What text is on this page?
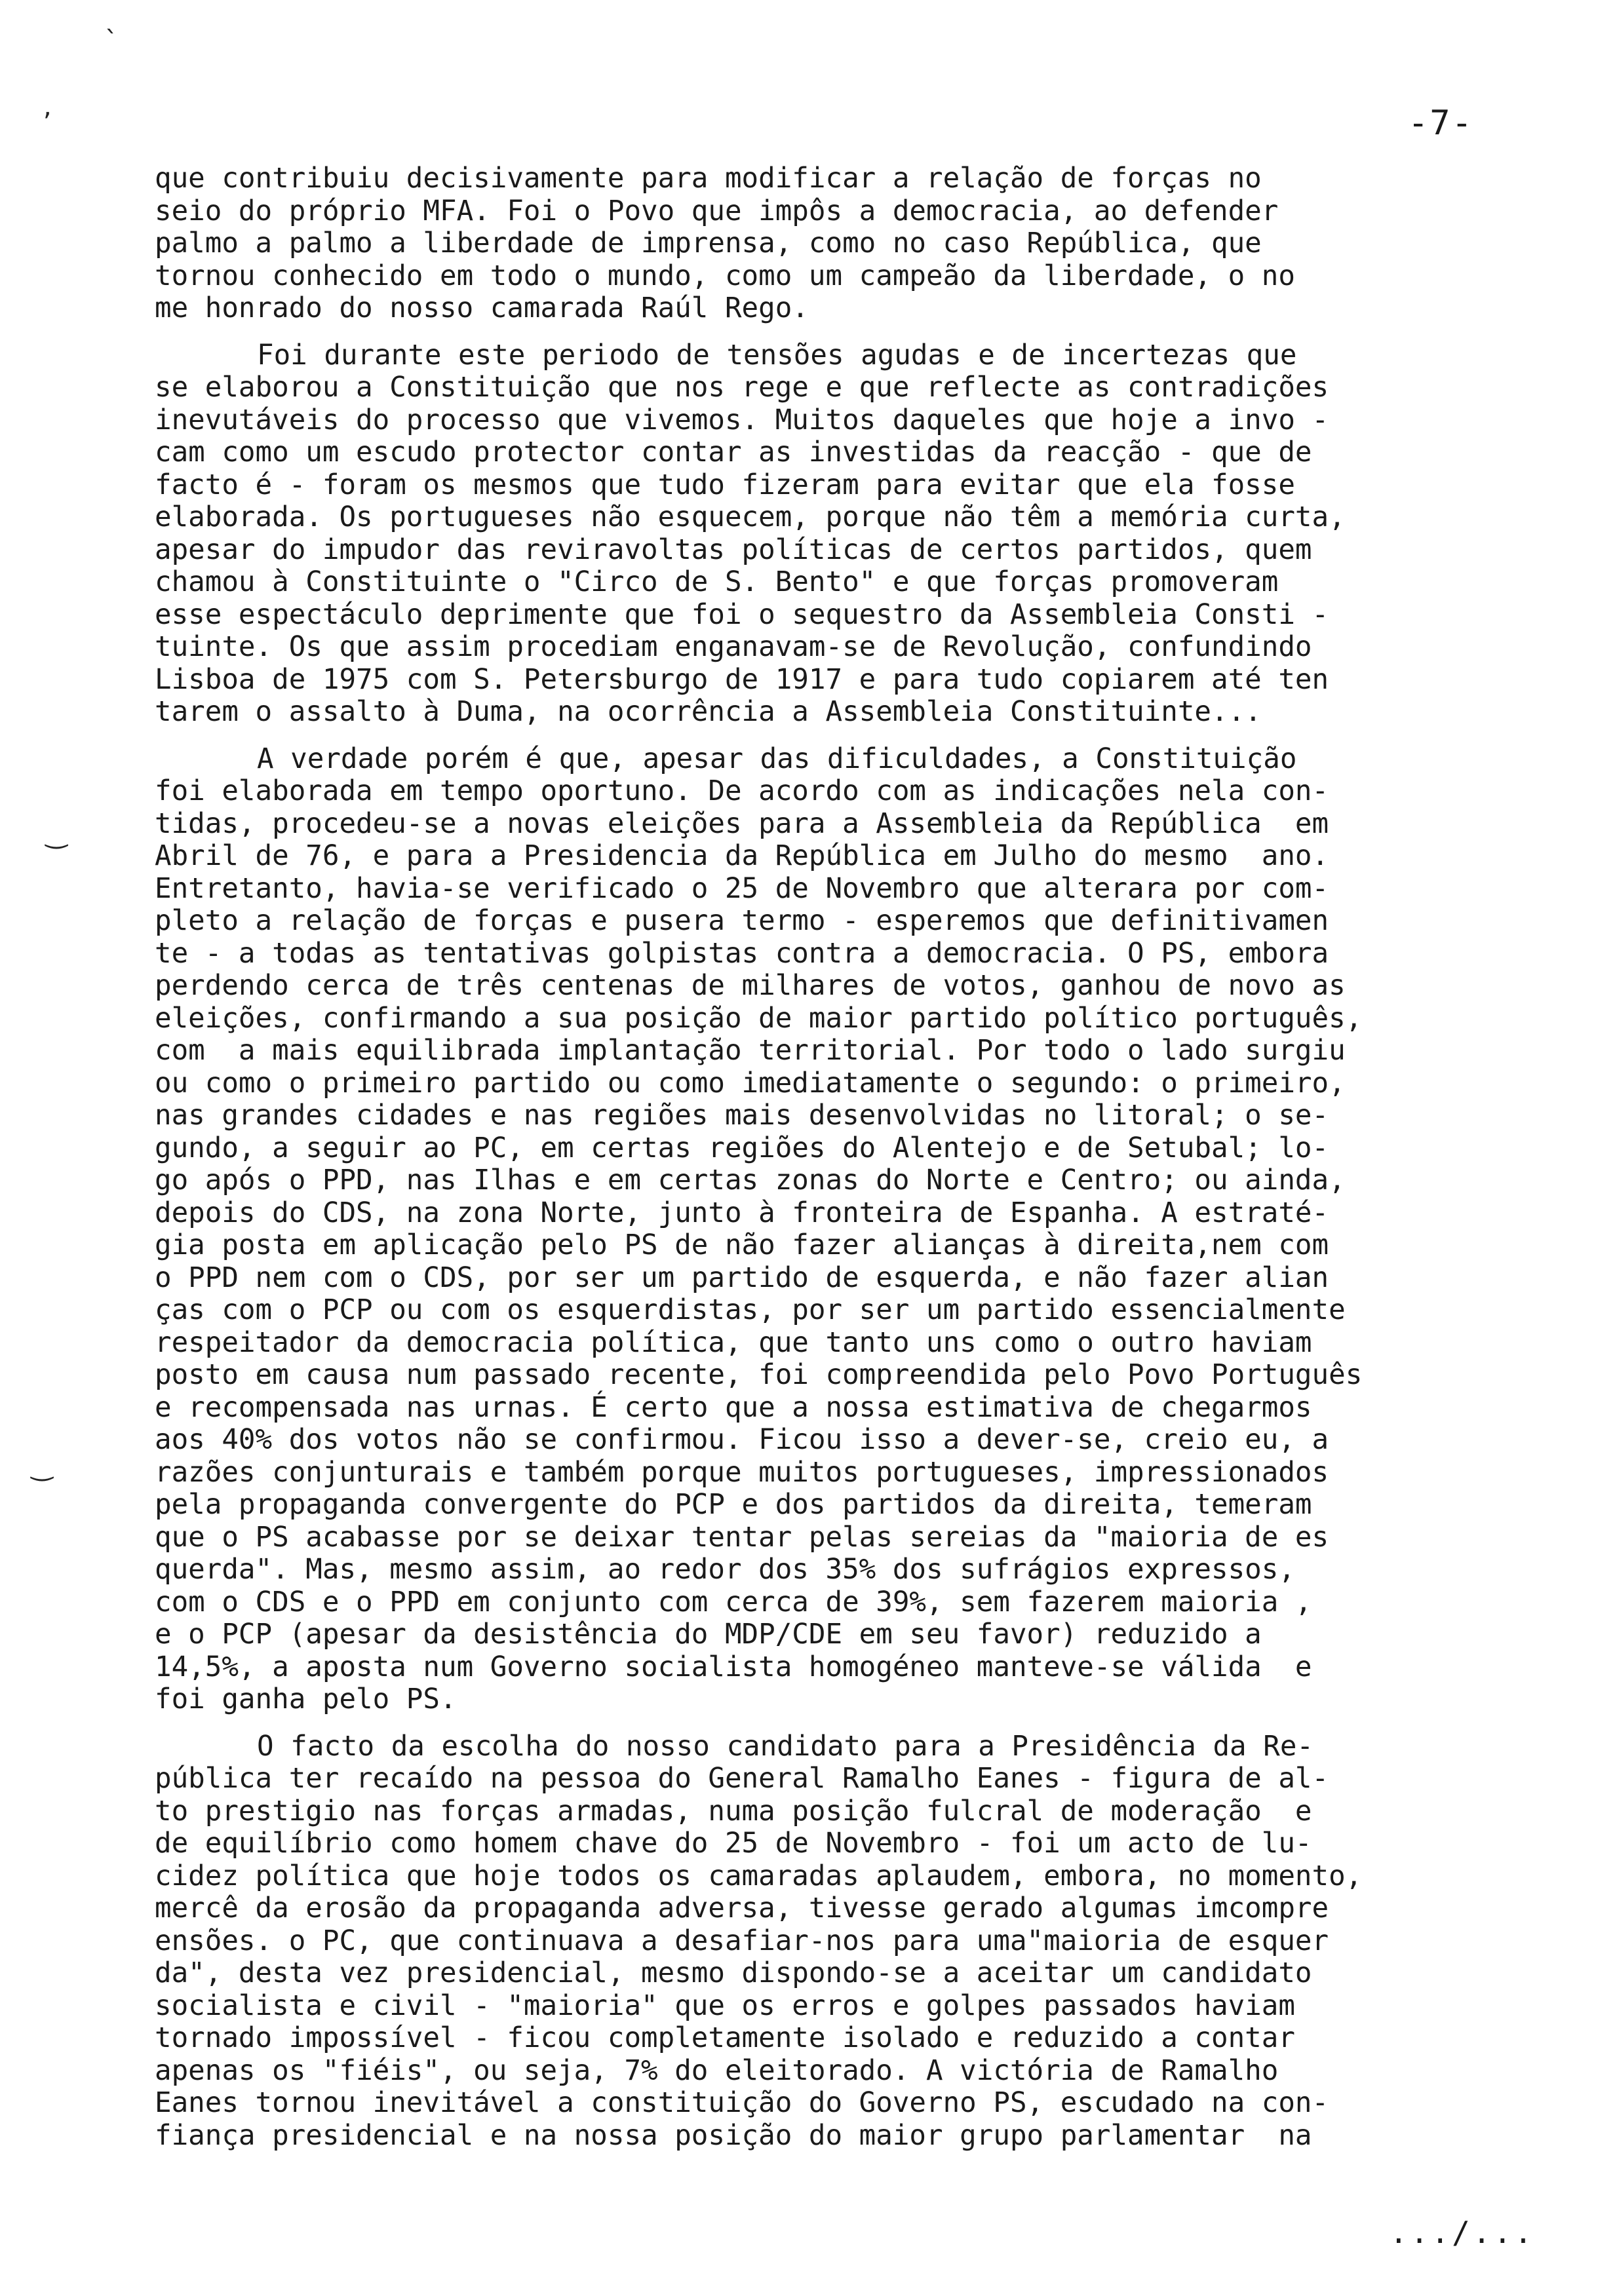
-7-
`
,
‿
‿
que contribuiu decisivamente para modificar a relação de forças no
seio do próprio MFA. Foi o Povo que impôs a democracia, ao defender
palmo a palmo a liberdade de imprensa, como no caso República, que
tornou conhecido em todo o mundo, como um campeão da liberdade, o no
me honrado do nosso camarada Raúl Rego.
Foi durante este periodo de tensões agudas e de incertezas que
se elaborou a Constituição que nos rege e que reflecte as contradições
inevutáveis do processo que vivemos. Muitos daqueles que hoje a invo -
cam como um escudo protector contar as investidas da reacção - que de
facto é - foram os mesmos que tudo fizeram para evitar que ela fosse
elaborada. Os portugueses não esquecem, porque não têm a memória curta,
apesar do impudor das reviravoltas políticas de certos partidos, quem
chamou à Constituinte o "Circo de S. Bento" e que forças promoveram
esse espectáculo deprimente que foi o sequestro da Assembleia Consti -
tuinte. Os que assim procediam enganavam-se de Revolução, confundindo
Lisboa de 1975 com S. Petersburgo de 1917 e para tudo copiarem até ten
tarem o assalto à Duma, na ocorrência a Assembleia Constituinte...
A verdade porém é que, apesar das dificuldades, a Constituição
foi elaborada em tempo oportuno. De acordo com as indicações nela con-
tidas, procedeu-se a novas eleições para a Assembleia da República  em
Abril de 76, e para a Presidencia da República em Julho do mesmo  ano.
Entretanto, havia-se verificado o 25 de Novembro que alterara por com-
pleto a relação de forças e pusera termo - esperemos que definitivamen
te - a todas as tentativas golpistas contra a democracia. O PS, embora
perdendo cerca de três centenas de milhares de votos, ganhou de novo as
eleições, confirmando a sua posição de maior partido político português,
com  a mais equilibrada implantação territorial. Por todo o lado surgiu
ou como o primeiro partido ou como imediatamente o segundo: o primeiro,
nas grandes cidades e nas regiões mais desenvolvidas no litoral; o se-
gundo, a seguir ao PC, em certas regiões do Alentejo e de Setubal; lo-
go após o PPD, nas Ilhas e em certas zonas do Norte e Centro; ou ainda,
depois do CDS, na zona Norte, junto à fronteira de Espanha. A estraté-
gia posta em aplicação pelo PS de não fazer alianças à direita,nem com
o PPD nem com o CDS, por ser um partido de esquerda, e não fazer alian
ças com o PCP ou com os esquerdistas, por ser um partido essencialmente
respeitador da democracia política, que tanto uns como o outro haviam
posto em causa num passado recente, foi compreendida pelo Povo Português
e recompensada nas urnas. É certo que a nossa estimativa de chegarmos
aos 40% dos votos não se confirmou. Ficou isso a dever-se, creio eu, a
razões conjunturais e também porque muitos portugueses, impressionados
pela propaganda convergente do PCP e dos partidos da direita, temeram
que o PS acabasse por se deixar tentar pelas sereias da "maioria de es
querda". Mas, mesmo assim, ao redor dos 35% dos sufrágios expressos,
com o CDS e o PPD em conjunto com cerca de 39%, sem fazerem maioria ,
e o PCP (apesar da desistência do MDP/CDE em seu favor) reduzido a
14,5%, a aposta num Governo socialista homogéneo manteve-se válida  e
foi ganha pelo PS.
O facto da escolha do nosso candidato para a Presidência da Re-
pública ter recaído na pessoa do General Ramalho Eanes - figura de al-
to prestigio nas forças armadas, numa posição fulcral de moderação  e
de equilíbrio como homem chave do 25 de Novembro - foi um acto de lu-
cidez política que hoje todos os camaradas aplaudem, embora, no momento,
mercê da erosão da propaganda adversa, tivesse gerado algumas imcompre
ensões. o PC, que continuava a desafiar-nos para uma"maioria de esquer
da", desta vez presidencial, mesmo dispondo-se a aceitar um candidato
socialista e civil - "maioria" que os erros e golpes passados haviam
tornado impossível - ficou completamente isolado e reduzido a contar
apenas os "fiéis", ou seja, 7% do eleitorado. A victória de Ramalho
Eanes tornou inevitável a constituição do Governo PS, escudado na con-
fiança presidencial e na nossa posição do maior grupo parlamentar  na
.../...
